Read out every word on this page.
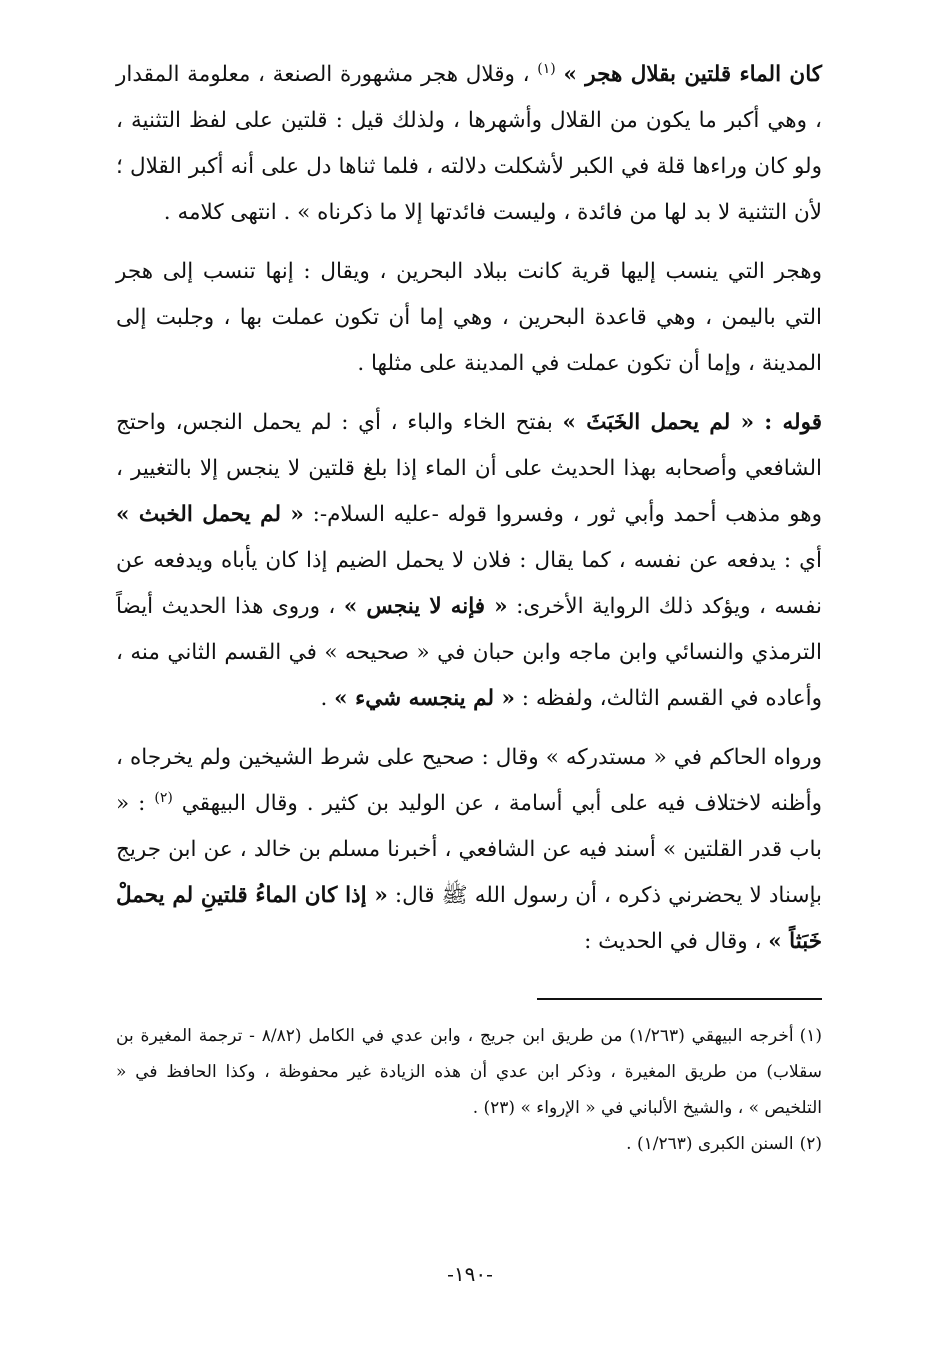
كان الماء قلتين بقلال هجر » $^{(١)}$ ، وقلال هجر مشهورة الصنعة ، معلومة المقدار ، وهي أكبر ما يكون من القلال وأشهرها ، ولذلك قيل : قلتين على لفظ التثنية ، ولو كان وراءها قلة في الكبر لأشكلت دلالته ، فلما ثناها دل على أنه أكبر القلال ؛ لأن التثنية لا بد لها من فائدة ، وليست فائدتها إلا ما ذكرناه » . انتهى كلامه .

وهجر التي ينسب إليها قرية كانت ببلاد البحرين ، ويقال : إنها تنسب إلى هجر التي باليمن ، وهي قاعدة البحرين ، وهي إما أن تكون عملت بها ، وجلبت إلى المدينة ، وإما أن تكون عملت في المدينة على مثلها .

قوله : « لم يحمل الخَبَثَ » بفتح الخاء والباء ، أي : لم يحمل النجس، واحتج الشافعي وأصحابه بهذا الحديث على أن الماء إذا بلغ قلتين لا ينجس إلا بالتغيير ، وهو مذهب أحمد وأبي ثور ، وفسروا قوله -عليه السلام-: « لم يحمل الخبث » أي : يدفعه عن نفسه ، كما يقال : فلان لا يحمل الضيم إذا كان يأباه ويدفعه عن نفسه ، ويؤكد ذلك الرواية الأخرى: « فإنه لا ينجس » ، وروى هذا الحديث أيضاً الترمذي والنسائي وابن ماجه وابن حبان في « صحيحه » في القسم الثاني منه ، وأعاده في القسم الثالث، ولفظه : « لم ينجسه شيء » .

ورواه الحاكم في « مستدركه » وقال : صحيح على شرط الشيخين ولم يخرجاه ، وأظنه لاختلاف فيه على أبي أسامة ، عن الوليد بن كثير . وقال البيهقي $^{(٢)}$ : « باب قدر القلتين » أسند فيه عن الشافعي ، أخبرنا مسلم بن خالد ، عن ابن جريج بإسناد لا يحضرني ذكره ، أن رسول الله ﷺ قال: « إذا كان الماءُ قلتينِ لم يحملْ خَبَثاً » ، وقال في الحديث :

(١)أخرجه البيهقي (١/٢٦٣) من طريق ابن جريج ، وابن عدي في الكامل (٨/٨٢ - ترجمة المغيرة بن سقلاب) من طريق المغيرة ، وذكر ابن عدي أن هذه الزيادة غير محفوظة ، وكذا الحافظ في « التلخيص » ، والشيخ الألباني في « الإرواء » (٢٣) .

(٢)السنن الكبرى (١/٢٦٣) .

-١٩٠-
